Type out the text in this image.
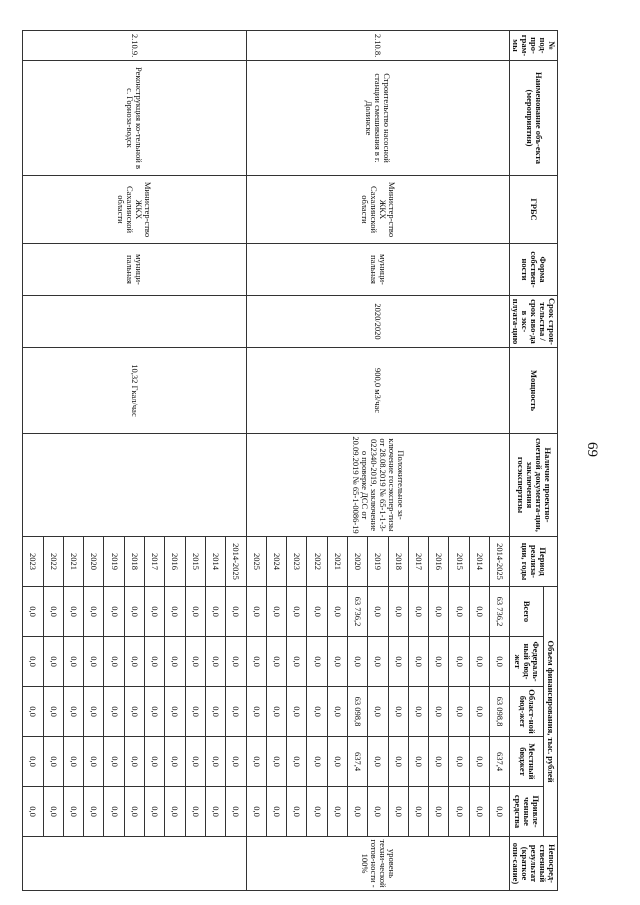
69
№ под-про-грам-мы	Наименование объ-екта (мероприятия)	ГРБС	Форма собствен-ности	Срок строи-тельства / срок вво-да в экс-плуата-цию	Мощность	Наличие проектно-сметной документа-ции, заключения госэкспертизы	Период реализа-ции, годы	Объем финансирования, тыс. рублей					Непосред-ственный результат (краткое опи-сание)
								Всего	Федераль-ный бюд-жет	Област-ной бюд-жет	Местный бюджет	Привле-ченные средства	
2.10.8.	Строительство насосной станции смешивания в г. Долинске	Министер-ство ЖКХ Сахалинской области	муници-пальная	2020/2020	900,0 м3/час	Положительное за-ключение госэкспер-тизы от 28.08.2019 № 65-1-1-3-022340-2019, заключение о проверке ДСС от 20.09.2019 № 65-1-0086-19	2014-2025	63 736,2	0,0	63 098,8	637,4	0,0	уровень техни-ческой готов-ности - 100%
							2014	0,0	0,0	0,0	0,0	0,0	
							2015	0,0	0,0	0,0	0,0	0,0	
							2016	0,0	0,0	0,0	0,0	0,0	
							2017	0,0	0,0	0,0	0,0	0,0	
							2018	0,0	0,0	0,0	0,0	0,0	
							2019	0,0	0,0	0,0	0,0	0,0	
							2020	63 736,2	0,0	63 098,8	637,4	0,0	
							2021	0,0	0,0	0,0	0,0	0,0	
							2022	0,0	0,0	0,0	0,0	0,0	
							2023	0,0	0,0	0,0	0,0	0,0	
							2024	0,0	0,0	0,0	0,0	0,0	
							2025	0,0	0,0	0,0	0,0	0,0	
2.10.9.	Реконструкция ко-тельной в с. Горноза-водск	Министер-ство ЖКХ Сахалинской области	муници-пальная		10,32 Гкал/час		2014-2025	0,0	0,0	0,0	0,0	0,0	
							2014	0,0	0,0	0,0	0,0	0,0	
							2015	0,0	0,0	0,0	0,0	0,0	
							2016	0,0	0,0	0,0	0,0	0,0	
							2017	0,0	0,0	0,0	0,0	0,0	
							2018	0,0	0,0	0,0	0,0	0,0	
							2019	0,0	0,0	0,0	0,0	0,0	
							2020	0,0	0,0	0,0	0,0	0,0	
							2021	0,0	0,0	0,0	0,0	0,0	
							2022	0,0	0,0	0,0	0,0	0,0	
							2023	0,0	0,0	0,0	0,0	0,0	
